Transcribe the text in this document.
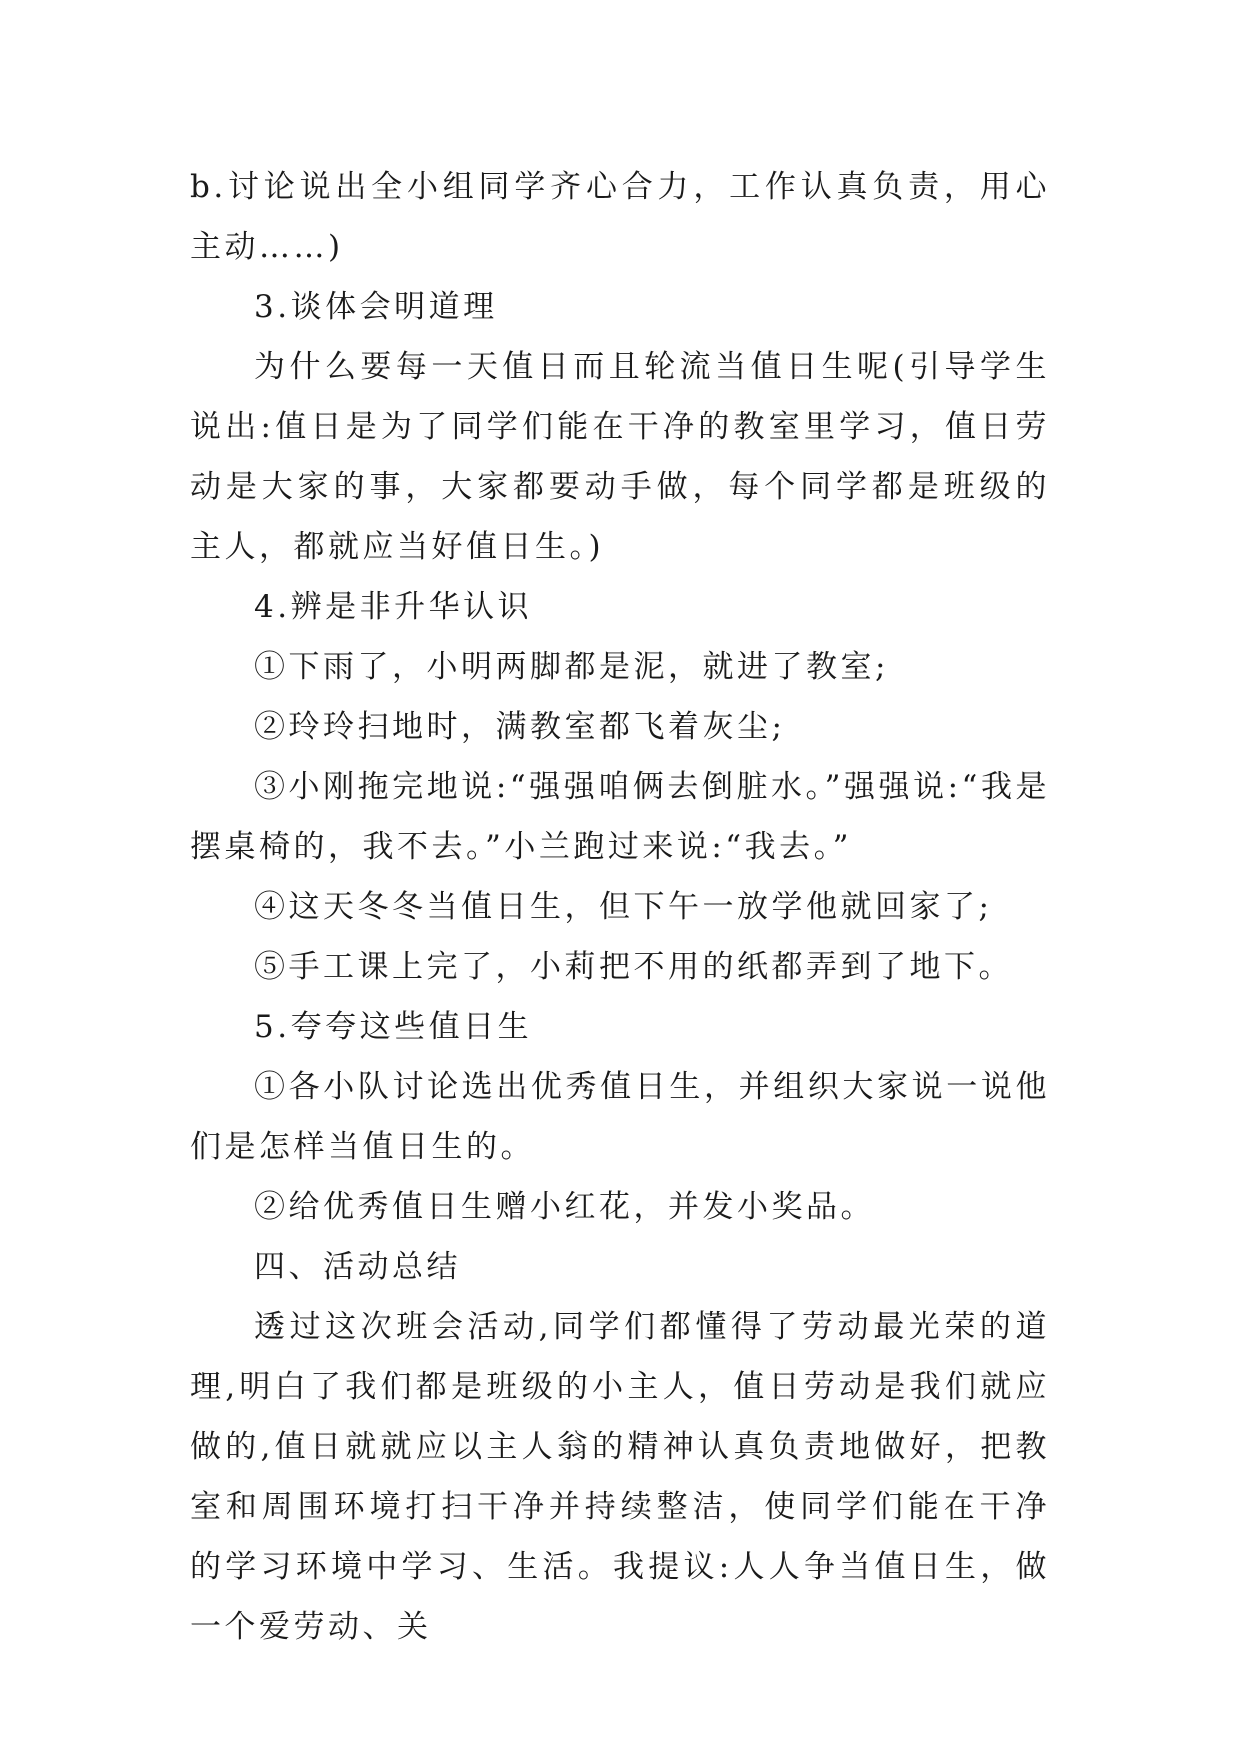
b.讨论说出全小组同学齐心合力，工作认真负责，用心主动……)

3.谈体会明道理

为什么要每一天值日而且轮流当值日生呢(引导学生说出:值日是为了同学们能在干净的教室里学习，值日劳动是大家的事，大家都要动手做，每个同学都是班级的主人，都就应当好值日生。)

4.辨是非升华认识

①下雨了，小明两脚都是泥，就进了教室;

②玲玲扫地时，满教室都飞着灰尘;

③小刚拖完地说:“强强咱俩去倒脏水。”强强说:“我是摆桌椅的，我不去。”小兰跑过来说:“我去。”

④这天冬冬当值日生，但下午一放学他就回家了;

⑤手工课上完了，小莉把不用的纸都弄到了地下。

5.夸夸这些值日生

①各小队讨论选出优秀值日生，并组织大家说一说他们是怎样当值日生的。

②给优秀值日生赠小红花，并发小奖品。

四、活动总结

透过这次班会活动,同学们都懂得了劳动最光荣的道理,明白了我们都是班级的小主人，值日劳动是我们就应做的,值日就就应以主人翁的精神认真负责地做好，把教室和周围环境打扫干净并持续整洁，使同学们能在干净的学习环境中学习、生活。我提议:人人争当值日生，做一个爱劳动、关
